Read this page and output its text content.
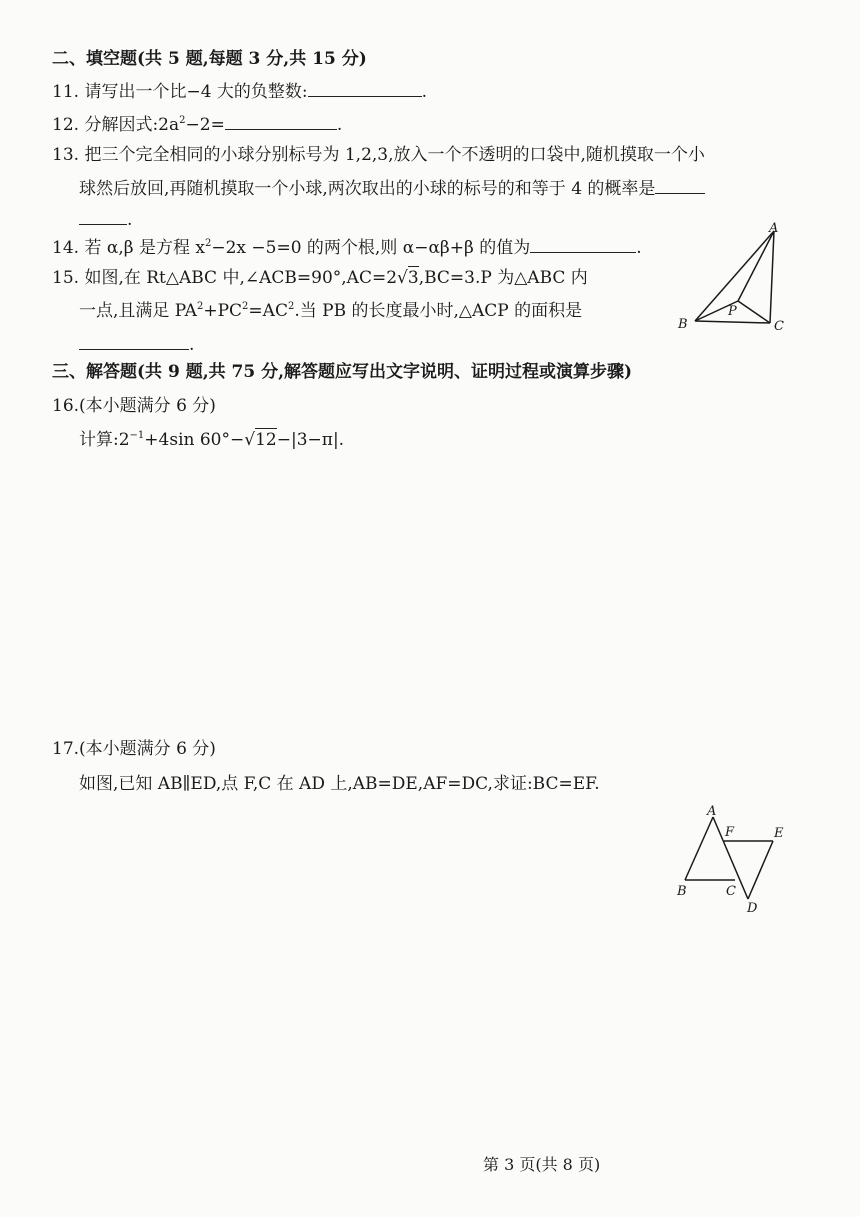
二、填空题(共 5 题,每题 3 分,共 15 分)
11. 请写出一个比−4 大的负整数:	.
12. 分解因式$:2a^2-2=$	.
13. 把三个完全相同的小球分别标号为 1,2,3,放入一个不透明的口袋中,随机摸取一个小
球然后放回,再随机摸取一个小球,两次取出的小球的标号的和等于 4 的概率是
.
14. 若 α,β 是方程 $x^2-2x -5=0$ 的两个根,则 α−αβ+β 的值为	.
15. 如图,在 Rt△ABC 中,∠ACB=90°,AC=2√3,BC=3.P 为△ABC 内
一点,且满足 $PA^2+PC^2=AC^2$.当 PB 的长度最小时,△ACP 的面积是
.
A
B	C
P
三、解答题(共 9 题,共 75 分,解答题应写出文字说明、证明过程或演算步骤)
16.(本小题满分 6 分)
计算$:2^{-1}+4\sin$ 60°−√12−|3−π|.
17.(本小题满分 6 分)
如图,已知 AB∥ED,点 F,C 在 AD 上,AB=DE,AF=DC,求证:BC=EF.
A
B	C
D
E
F
第 3 页(共 8 页)
